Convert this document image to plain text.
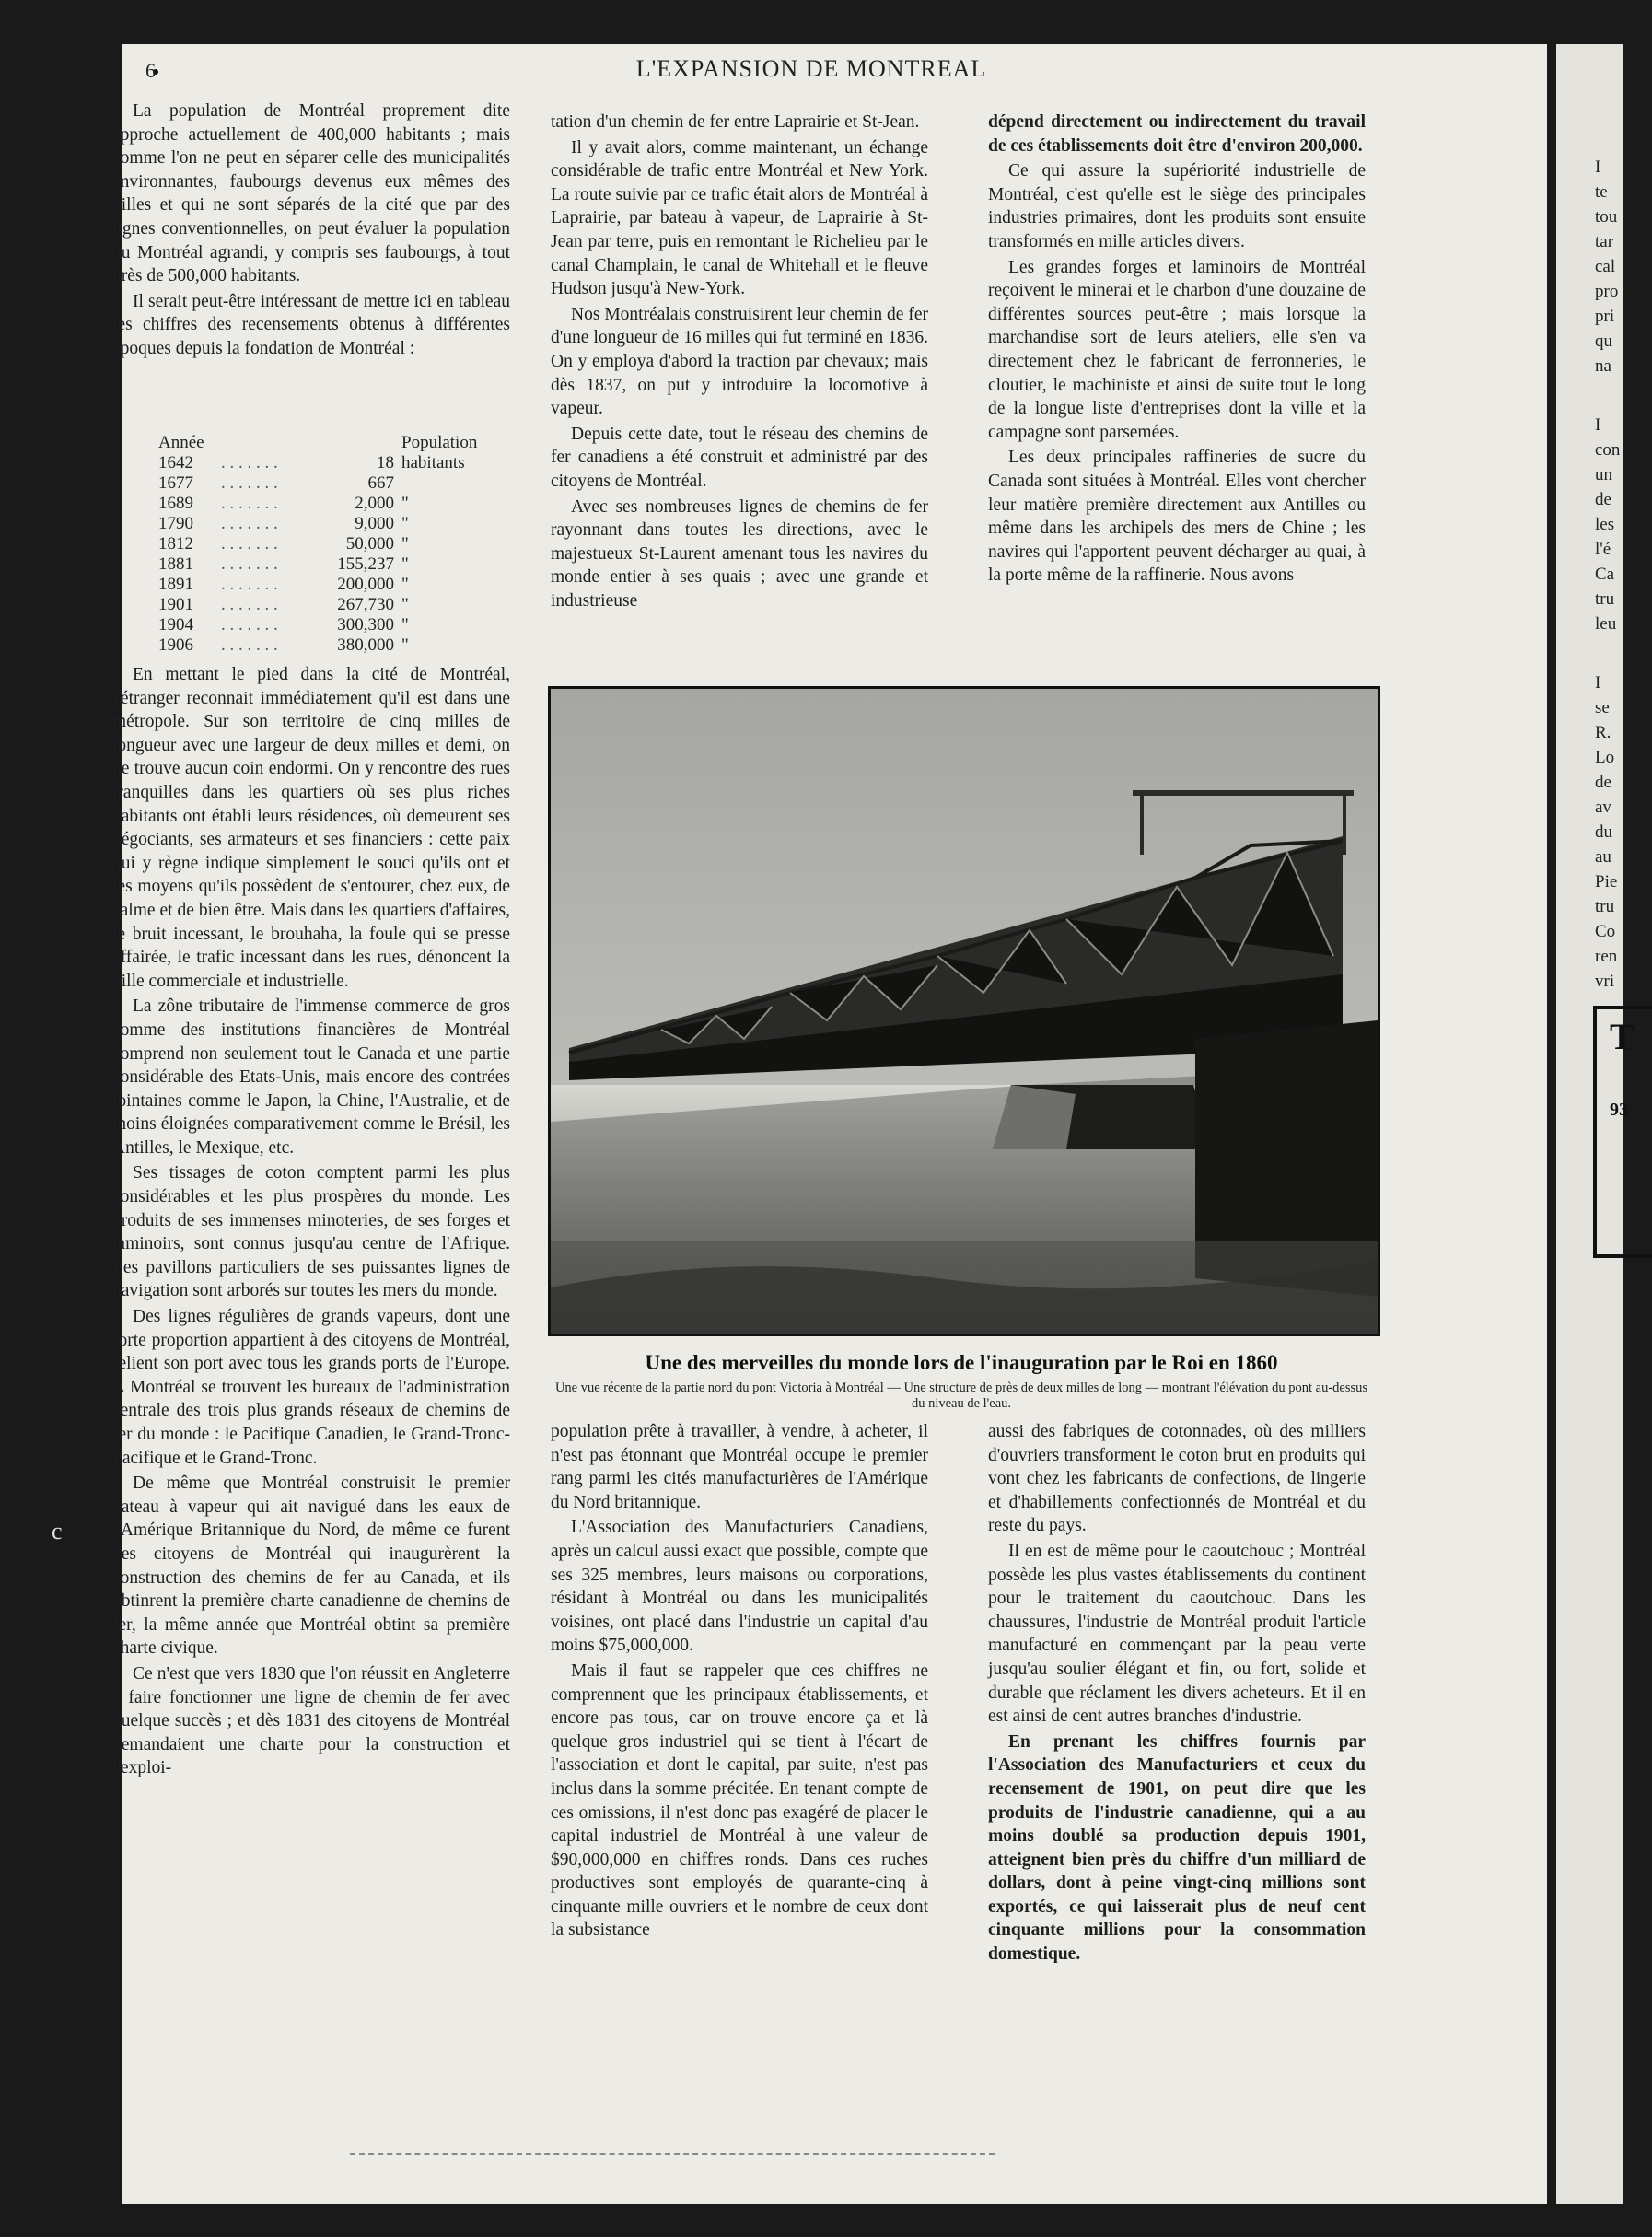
c
I
te
tou
tar
cal
pro
pri
qu
na
I
con
un
de
les
l'é
Ca
tru
leu
I
se
R.
Lo
de
av
du
au
Pie
tru
Co
ren
vri
T
93
6	L'EXPANSION DE MONTREAL

La population de Montréal proprement dite approche actuellement de 400,000 habitants ; mais comme l'on ne peut en séparer celle des municipalités environnantes, faubourgs devenus eux mêmes des villes et qui ne sont séparés de la cité que par des lignes conventionnelles, on peut évaluer la population du Montréal agrandi, y compris ses faubourgs, à tout près de 500,000 habitants.

Il serait peut-être intéressant de mettre ici en tableau les chiffres des recensements obtenus à différentes époques depuis la fondation de Montréal :

Année			Population
1642	. . . . . . .	18	habitants
1677	. . . . . . .	667	
1689	. . . . . . .	2,000	"
1790	. . . . . . .	9,000	"
1812	. . . . . . .	50,000	"
1881	. . . . . . .	155,237	"
1891	. . . . . . .	200,000	"
1901	. . . . . . .	267,730	"
1904	. . . . . . .	300,300	"
1906	. . . . . . .	380,000	"

En mettant le pied dans la cité de Montréal, l'étranger reconnait immédiatement qu'il est dans une métropole. Sur son territoire de cinq milles de longueur avec une largeur de deux milles et demi, on ne trouve aucun coin endormi. On y rencontre des rues tranquilles dans les quartiers où ses plus riches habitants ont établi leurs résidences, où demeurent ses négociants, ses armateurs et ses financiers : cette paix qui y règne indique simplement le souci qu'ils ont et les moyens qu'ils possèdent de s'entourer, chez eux, de calme et de bien être. Mais dans les quartiers d'affaires, le bruit incessant, le brouhaha, la foule qui se presse affairée, le trafic incessant dans les rues, dénoncent la ville commerciale et industrielle.

La zône tributaire de l'immense commerce de gros comme des institutions financières de Montréal comprend non seulement tout le Canada et une partie considérable des Etats-Unis, mais encore des contrées lointaines comme le Japon, la Chine, l'Australie, et de moins éloignées comparativement comme le Brésil, les Antilles, le Mexique, etc.

Ses tissages de coton comptent parmi les plus considérables et les plus prospères du monde. Les produits de ses immenses minoteries, de ses forges et laminoirs, sont connus jusqu'au centre de l'Afrique. Les pavillons particuliers de ses puissantes lignes de navigation sont arborés sur toutes les mers du monde.

Des lignes régulières de grands vapeurs, dont une forte proportion appartient à des citoyens de Montréal, relient son port avec tous les grands ports de l'Europe. A Montréal se trouvent les bureaux de l'administration centrale des trois plus grands réseaux de chemins de fer du monde : le Pacifique Canadien, le Grand-Tronc-Pacifique et le Grand-Tronc.

De même que Montréal construisit le premier bateau à vapeur qui ait navigué dans les eaux de l'Amérique Britannique du Nord, de même ce furent des citoyens de Montréal qui inaugurèrent la construction des chemins de fer au Canada, et ils obtinrent la première charte canadienne de chemins de fer, la même année que Montréal obtint sa première charte civique.

Ce n'est que vers 1830 que l'on réussit en Angleterre à faire fonctionner une ligne de chemin de fer avec quelque succès ; et dès 1831 des citoyens de Montréal demandaient une charte pour la construction et l'exploi-

tation d'un chemin de fer entre Laprairie et St-Jean.

Il y avait alors, comme maintenant, un échange considérable de trafic entre Montréal et New York. La route suivie par ce trafic était alors de Montréal à Laprairie, par bateau à vapeur, de Laprairie à St-Jean par terre, puis en remontant le Richelieu par le canal Champlain, le canal de Whitehall et le fleuve Hudson jusqu'à New-York.

Nos Montréalais construisirent leur chemin de fer d'une longueur de 16 milles qui fut terminé en 1836. On y employa d'abord la traction par chevaux; mais dès 1837, on put y introduire la locomotive à vapeur.

Depuis cette date, tout le réseau des chemins de fer canadiens a été construit et administré par des citoyens de Montréal.

Avec ses nombreuses lignes de chemins de fer rayonnant dans toutes les directions, avec le majestueux St-Laurent amenant tous les navires du monde entier à ses quais ; avec une grande et industrieuse

dépend directement ou indirectement du travail de ces établissements doit être d'environ 200,000.

Ce qui assure la supériorité industrielle de Montréal, c'est qu'elle est le siège des principales industries primaires, dont les produits sont ensuite transformés en mille articles divers.

Les grandes forges et laminoirs de Montréal reçoivent le minerai et le charbon d'une douzaine de différentes sources peut-être ; mais lorsque la marchandise sort de leurs ateliers, elle s'en va directement chez le fabricant de ferronneries, le cloutier, le machiniste et ainsi de suite tout le long de la longue liste d'entreprises dont la ville et la campagne sont parsemées.

Les deux principales raffineries de sucre du Canada sont situées à Montréal. Elles vont chercher leur matière première directement aux Antilles ou même dans les archipels des mers de Chine ; les navires qui l'apportent peuvent décharger au quai, à la porte même de la raffinerie. Nous avons

Une des merveilles du monde lors de l'inauguration par le Roi en 1860
Une vue récente de la partie nord du pont Victoria à Montréal — Une structure de près de deux milles de long — montrant l'élévation du pont au-dessus du niveau de l'eau.

population prête à travailler, à vendre, à acheter, il n'est pas étonnant que Montréal occupe le premier rang parmi les cités manufacturières de l'Amérique du Nord britannique.

L'Association des Manufacturiers Canadiens, après un calcul aussi exact que possible, compte que ses 325 membres, leurs maisons ou corporations, résidant à Montréal ou dans les municipalités voisines, ont placé dans l'industrie un capital d'au moins $75,000,000.

Mais il faut se rappeler que ces chiffres ne comprennent que les principaux établissements, et encore pas tous, car on trouve encore ça et là quelque gros industriel qui se tient à l'écart de l'association et dont le capital, par suite, n'est pas inclus dans la somme précitée. En tenant compte de ces omissions, il n'est donc pas exagéré de placer le capital industriel de Montréal à une valeur de $90,000,000 en chiffres ronds. Dans ces ruches productives sont employés de quarante-cinq à cinquante mille ouvriers et le nombre de ceux dont la subsistance

aussi des fabriques de cotonnades, où des milliers d'ouvriers transforment le coton brut en produits qui vont chez les fabricants de confections, de lingerie et d'habillements confectionnés de Montréal et du reste du pays.

Il en est de même pour le caoutchouc ; Montréal possède les plus vastes établissements du continent pour le traitement du caoutchouc. Dans les chaussures, l'industrie de Montréal produit l'article manufacturé en commençant par la peau verte jusqu'au soulier élégant et fin, ou fort, solide et durable que réclament les divers acheteurs. Et il en est ainsi de cent autres branches d'industrie.

En prenant les chiffres fournis par l'Association des Manufacturiers et ceux du recensement de 1901, on peut dire que les produits de l'industrie canadienne, qui a au moins doublé sa production depuis 1901, atteignent bien près du chiffre d'un milliard de dollars, dont à peine vingt-cinq millions sont exportés, ce qui laisserait plus de neuf cent cinquante millions pour la consommation domestique.
